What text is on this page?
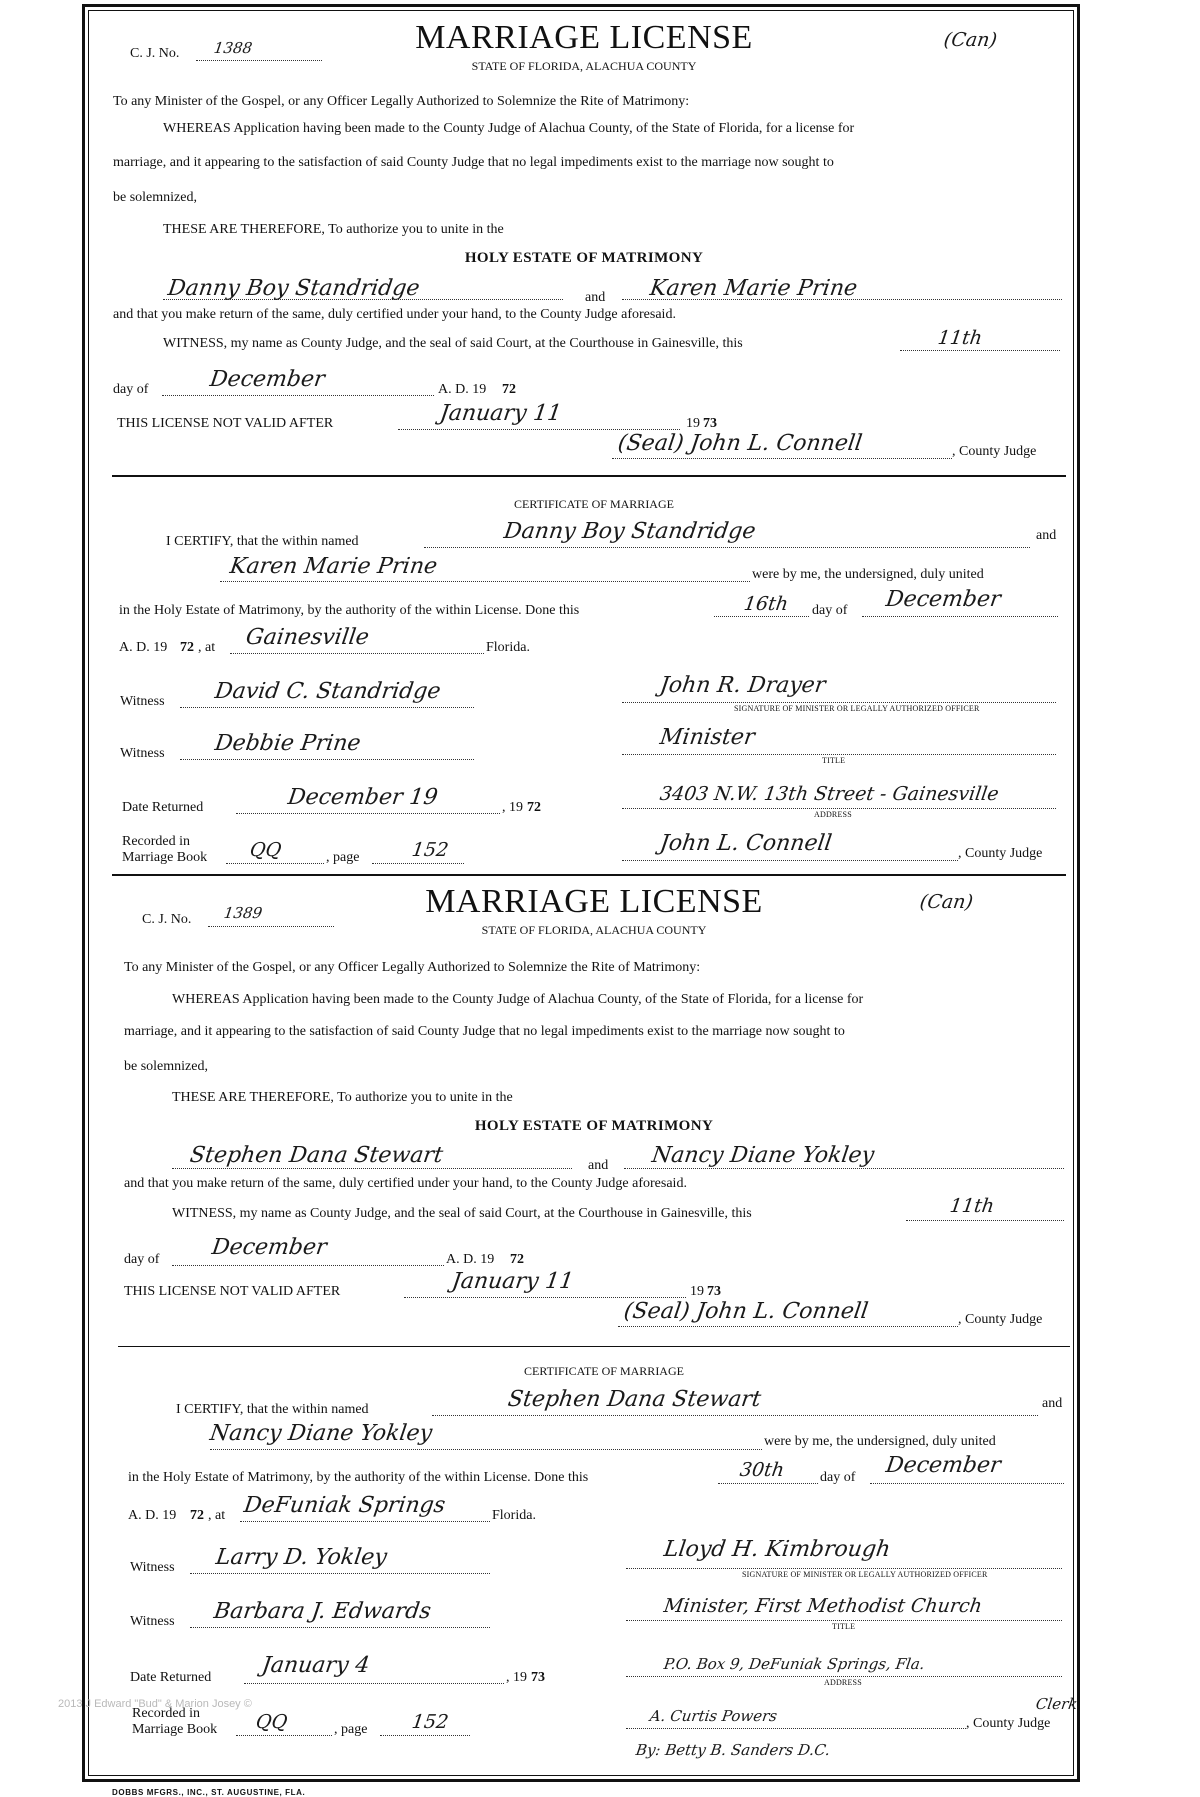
C. J. No. 1388	MARRIAGE LICENSE
STATE OF FLORIDA, ALACHUA COUNTY
(Can)
To any Minister of the Gospel, or any Officer Legally Authorized to Solemnize the Rite of Matrimony:
WHEREAS Application having been made to the County Judge of Alachua County, of the State of Florida, for a license for
marriage, and it appearing to the satisfaction of said County Judge that no legal impediments exist to the marriage now sought to
be solemnized,
THESE ARE THEREFORE, To authorize you to unite in the
HOLY ESTATE OF MATRIMONY
Danny Boy Standridge	and Karen Marie Prine
and that you make return of the same, duly certified under your hand, to the County Judge aforesaid.
WITNESS, my name as County Judge, and the seal of said Court, at the Courthouse in Gainesville, this	11th
day of	December	A. D. 19 72
THIS LICENSE NOT VALID AFTER	January 11	19 73
(Seal) John L. Connell	, County Judge
CERTIFICATE OF MARRIAGE
I CERTIFY, that the within named	Danny Boy Standridge	and
Karen Marie Prine	were by me, the undersigned, duly united
in the Holy Estate of Matrimony, by the authority of the within License. Done this	16th day of December
A. D. 19 72 , at Gainesville	Florida.
Witness David C. Standridge	John R. Drayer
SIGNATURE OF MINISTER OR LEGALLY AUTHORIZED OFFICER
Witness Debbie Prine	Minister
TITLE
Date Returned	December 19	, 19 72
3403 N.W. 13th Street - Gainesville
ADDRESS
Recorded in
Marriage Book QQ	, page	152	John L. Connell	, County Judge
C. J. No. 1389	MARRIAGE LICENSE
STATE OF FLORIDA, ALACHUA COUNTY
(Can)
To any Minister of the Gospel, or any Officer Legally Authorized to Solemnize the Rite of Matrimony:
WHEREAS Application having been made to the County Judge of Alachua County, of the State of Florida, for a license for
marriage, and it appearing to the satisfaction of said County Judge that no legal impediments exist to the marriage now sought to
be solemnized,
THESE ARE THEREFORE, To authorize you to unite in the
HOLY ESTATE OF MATRIMONY
Stephen Dana Stewart	and Nancy Diane Yokley
and that you make return of the same, duly certified under your hand, to the County Judge aforesaid.
WITNESS, my name as County Judge, and the seal of said Court, at the Courthouse in Gainesville, this	11th
day of December	A. D. 19 72
THIS LICENSE NOT VALID AFTER	January 11	19 73
(Seal) John L. Connell	, County Judge
CERTIFICATE OF MARRIAGE
I CERTIFY, that the within named	Stephen Dana Stewart	and
Nancy Diane Yokley	were by me, the undersigned, duly united
in the Holy Estate of Matrimony, by the authority of the within License. Done this	30th day of December
A. D. 19 72 , at DeFuniak Springs	Florida.
Witness Larry D. Yokley	Lloyd H. Kimbrough
SIGNATURE OF MINISTER OR LEGALLY AUTHORIZED OFFICER
Witness Barbara J. Edwards	Minister, First Methodist Church
TITLE
Date Returned January 4	, 19 73
P.O. Box 9, DeFuniak Springs, Fla.
ADDRESS
Recorded in
Marriage Book QQ	, page 152	A. Curtis Powers
By: Betty B. Sanders D.C.
Clerk
, County Judge
2013 J Edward "Bud" & Marion Josey ©
DOBBS MFGRS., INC., ST. AUGUSTINE, FLA.
